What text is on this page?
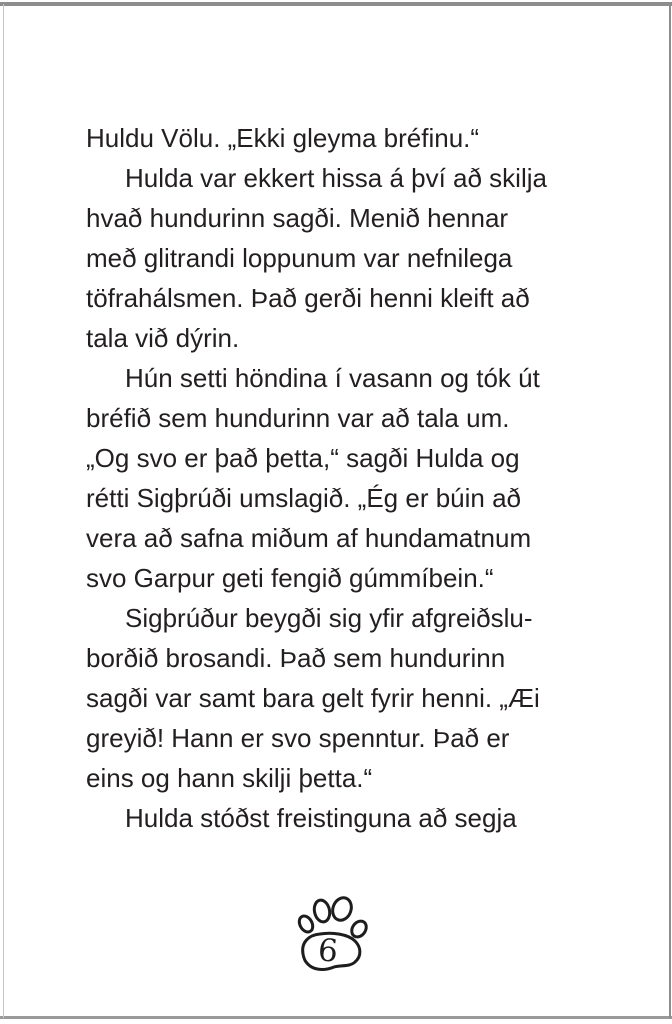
Huldu Völu. „Ekki gleyma bréfinu.“
Hulda var ekkert hissa á því að skilja
hvað hundurinn sagði. Menið hennar
með glitrandi loppunum var nefnilega
töfrahálsmen. Það gerði henni kleift að
tala við dýrin.
Hún setti höndina í vasann og tók út
bréfið sem hundurinn var að tala um.
„Og svo er það þetta,“ sagði Hulda og
rétti Sigþrúði umslagið. „Ég er búin að
vera að safna miðum af hundamatnum
svo Garpur geti fengið gúmmíbein.“
Sigþrúður beygði sig yfir afgreiðslu-
borðið brosandi. Það sem hundurinn
sagði var samt bara gelt fyrir henni. „Æi
greyið! Hann er svo spenntur. Það er
eins og hann skilji þetta.“
Hulda stóðst freistinguna að segja
6
